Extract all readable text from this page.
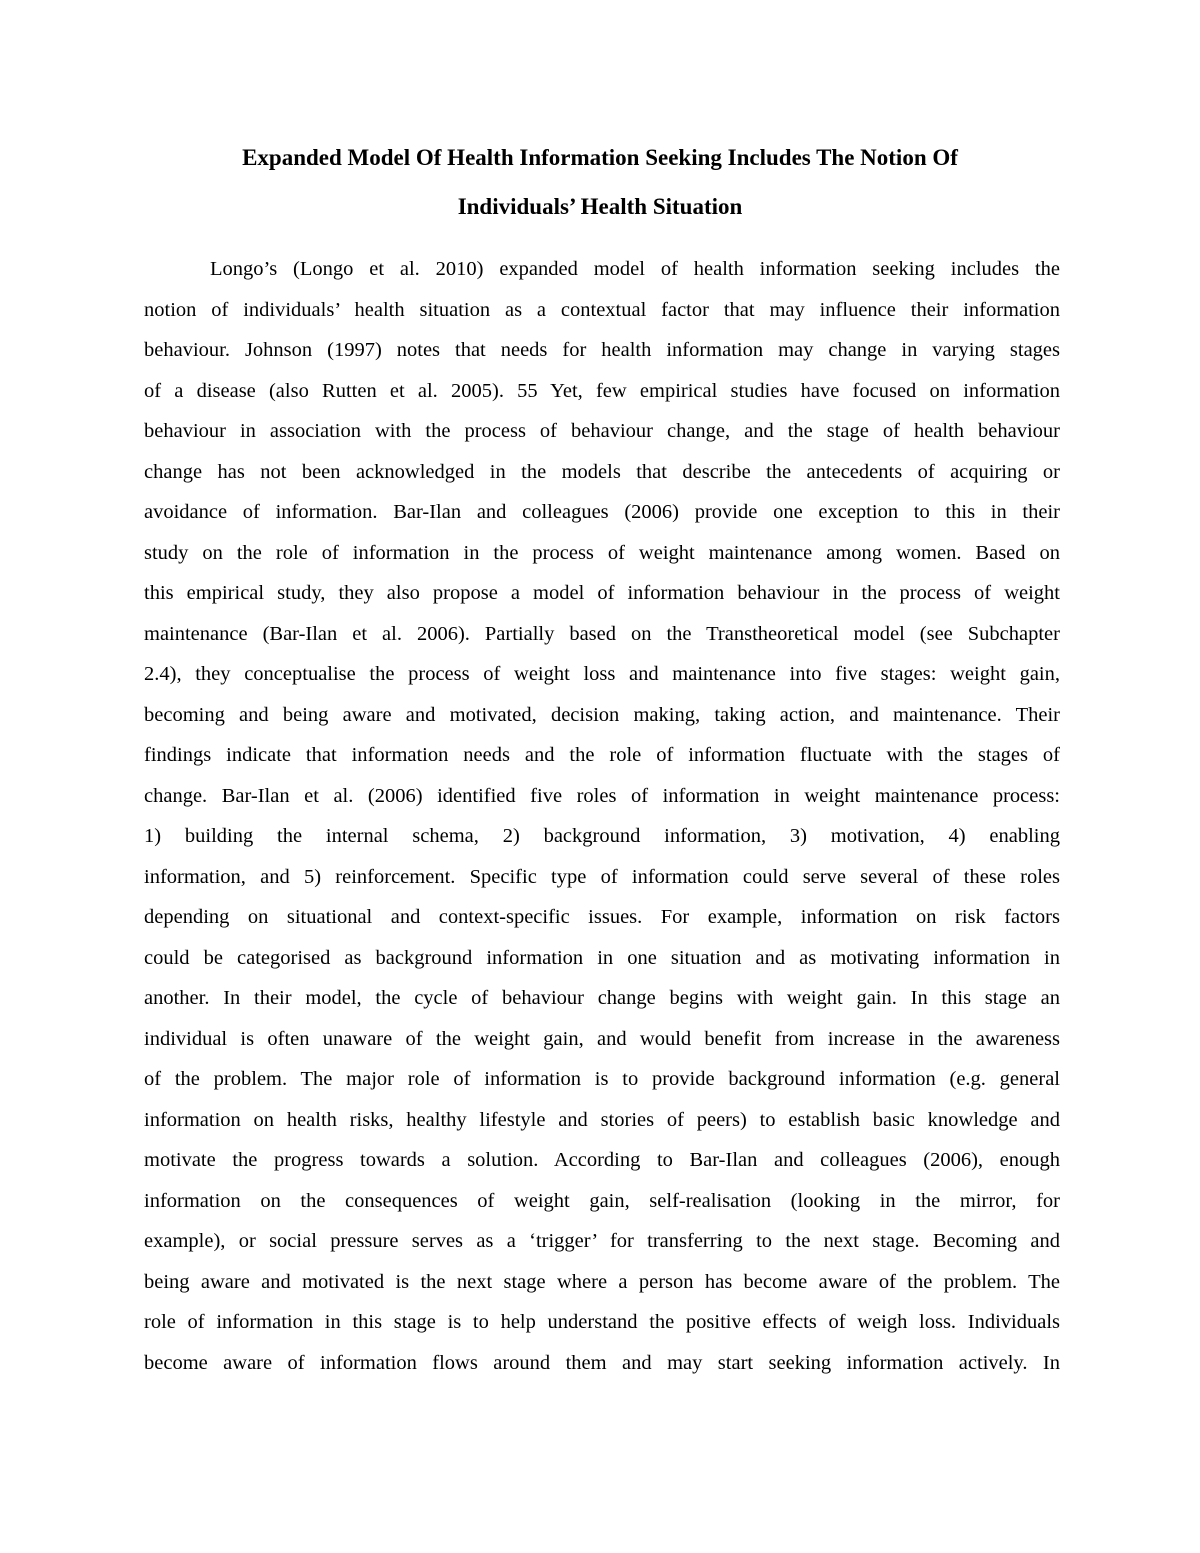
Expanded Model Of Health Information Seeking Includes The Notion Of
Individuals’ Health Situation
Longo’s (Longo et al. 2010) expanded model of health information seeking includes the
notion of individuals’ health situation as a contextual factor that may influence their information
behaviour. Johnson (1997) notes that needs for health information may change in varying stages
of a disease (also Rutten et al. 2005). 55 Yet, few empirical studies have focused on information
behaviour in association with the process of behaviour change, and the stage of health behaviour
change has not been acknowledged in the models that describe the antecedents of acquiring or
avoidance of information. Bar-Ilan and colleagues (2006) provide one exception to this in their
study on the role of information in the process of weight maintenance among women. Based on
this empirical study, they also propose a model of information behaviour in the process of weight
maintenance (Bar-Ilan et al. 2006). Partially based on the Transtheoretical model (see Subchapter
2.4), they conceptualise the process of weight loss and maintenance into five stages: weight gain,
becoming and being aware and motivated, decision making, taking action, and maintenance. Their
findings indicate that information needs and the role of information fluctuate with the stages of
change. Bar-Ilan et al. (2006) identified five roles of information in weight maintenance process:
1) building the internal schema, 2) background information, 3) motivation, 4) enabling
information, and 5) reinforcement. Specific type of information could serve several of these roles
depending on situational and context-specific issues. For example, information on risk factors
could be categorised as background information in one situation and as motivating information in
another. In their model, the cycle of behaviour change begins with weight gain. In this stage an
individual is often unaware of the weight gain, and would benefit from increase in the awareness
of the problem. The major role of information is to provide background information (e.g. general
information on health risks, healthy lifestyle and stories of peers) to establish basic knowledge and
motivate the progress towards a solution. According to Bar-Ilan and colleagues (2006), enough
information on the consequences of weight gain, self-realisation (looking in the mirror, for
example), or social pressure serves as a ‘trigger’ for transferring to the next stage. Becoming and
being aware and motivated is the next stage where a person has become aware of the problem. The
role of information in this stage is to help understand the positive effects of weigh loss. Individuals
become aware of information flows around them and may start seeking information actively. In
